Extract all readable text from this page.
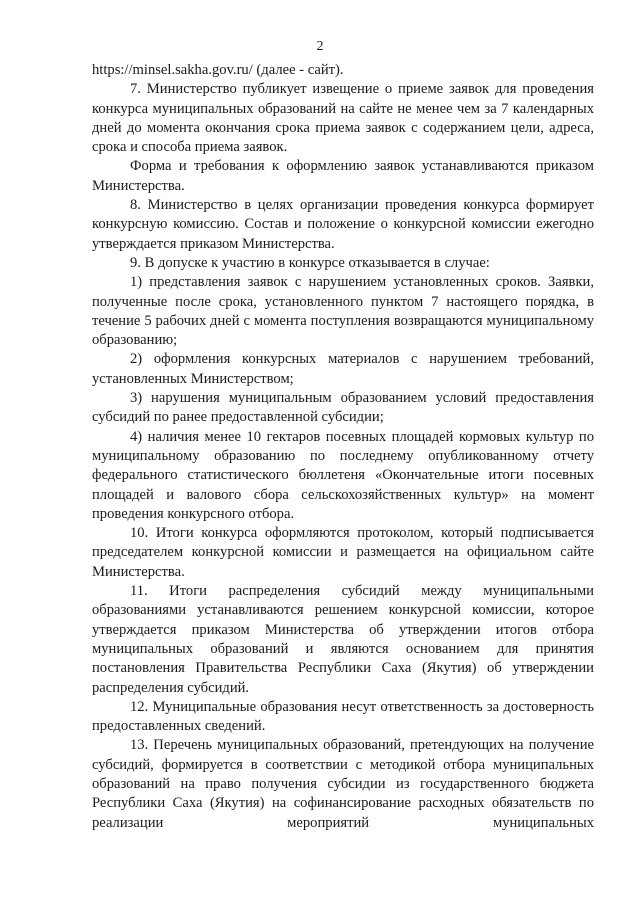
2

https://minsel.sakha.gov.ru/ (далее - сайт).

7. Министерство публикует извещение о приеме заявок для проведения конкурса муниципальных образований на сайте не менее чем за 7 календарных дней до момента окончания срока приема заявок с содержанием цели, адреса, срока и способа приема заявок.

Форма и требования к оформлению заявок устанавливаются приказом Министерства.

8. Министерство в целях организации проведения конкурса формирует конкурсную комиссию. Состав и положение о конкурсной комиссии ежегодно утверждается приказом Министерства.

9. В допуске к участию в конкурсе отказывается в случае:

1) представления заявок с нарушением установленных сроков. Заявки, полученные после срока, установленного пунктом 7 настоящего порядка, в течение 5 рабочих дней с момента поступления возвращаются муниципальному образованию;

2) оформления конкурсных материалов с нарушением требований, установленных Министерством;

3) нарушения муниципальным образованием условий предоставления субсидий по ранее предоставленной субсидии;

4) наличия менее 10 гектаров посевных площадей кормовых культур по муниципальному образованию по последнему опубликованному отчету федерального статистического бюллетеня «Окончательные итоги посевных площадей и валового сбора сельскохозяйственных культур» на момент проведения конкурсного отбора.

10. Итоги конкурса оформляются протоколом, который подписывается председателем конкурсной комиссии и размещается на официальном сайте Министерства.

11. Итоги распределения субсидий между муниципальными образованиями устанавливаются решением конкурсной комиссии, которое утверждается приказом Министерства об утверждении итогов отбора муниципальных образований и являются основанием для принятия постановления Правительства Республики Саха (Якутия) об утверждении распределения субсидий.

12. Муниципальные образования несут ответственность за достоверность предоставленных сведений.

13. Перечень муниципальных образований, претендующих на получение субсидий, формируется в соответствии с методикой отбора муниципальных образований на право получения субсидии из государственного бюджета Республики Саха (Якутия) на софинансирование расходных обязательств по реализации мероприятий муниципальных
